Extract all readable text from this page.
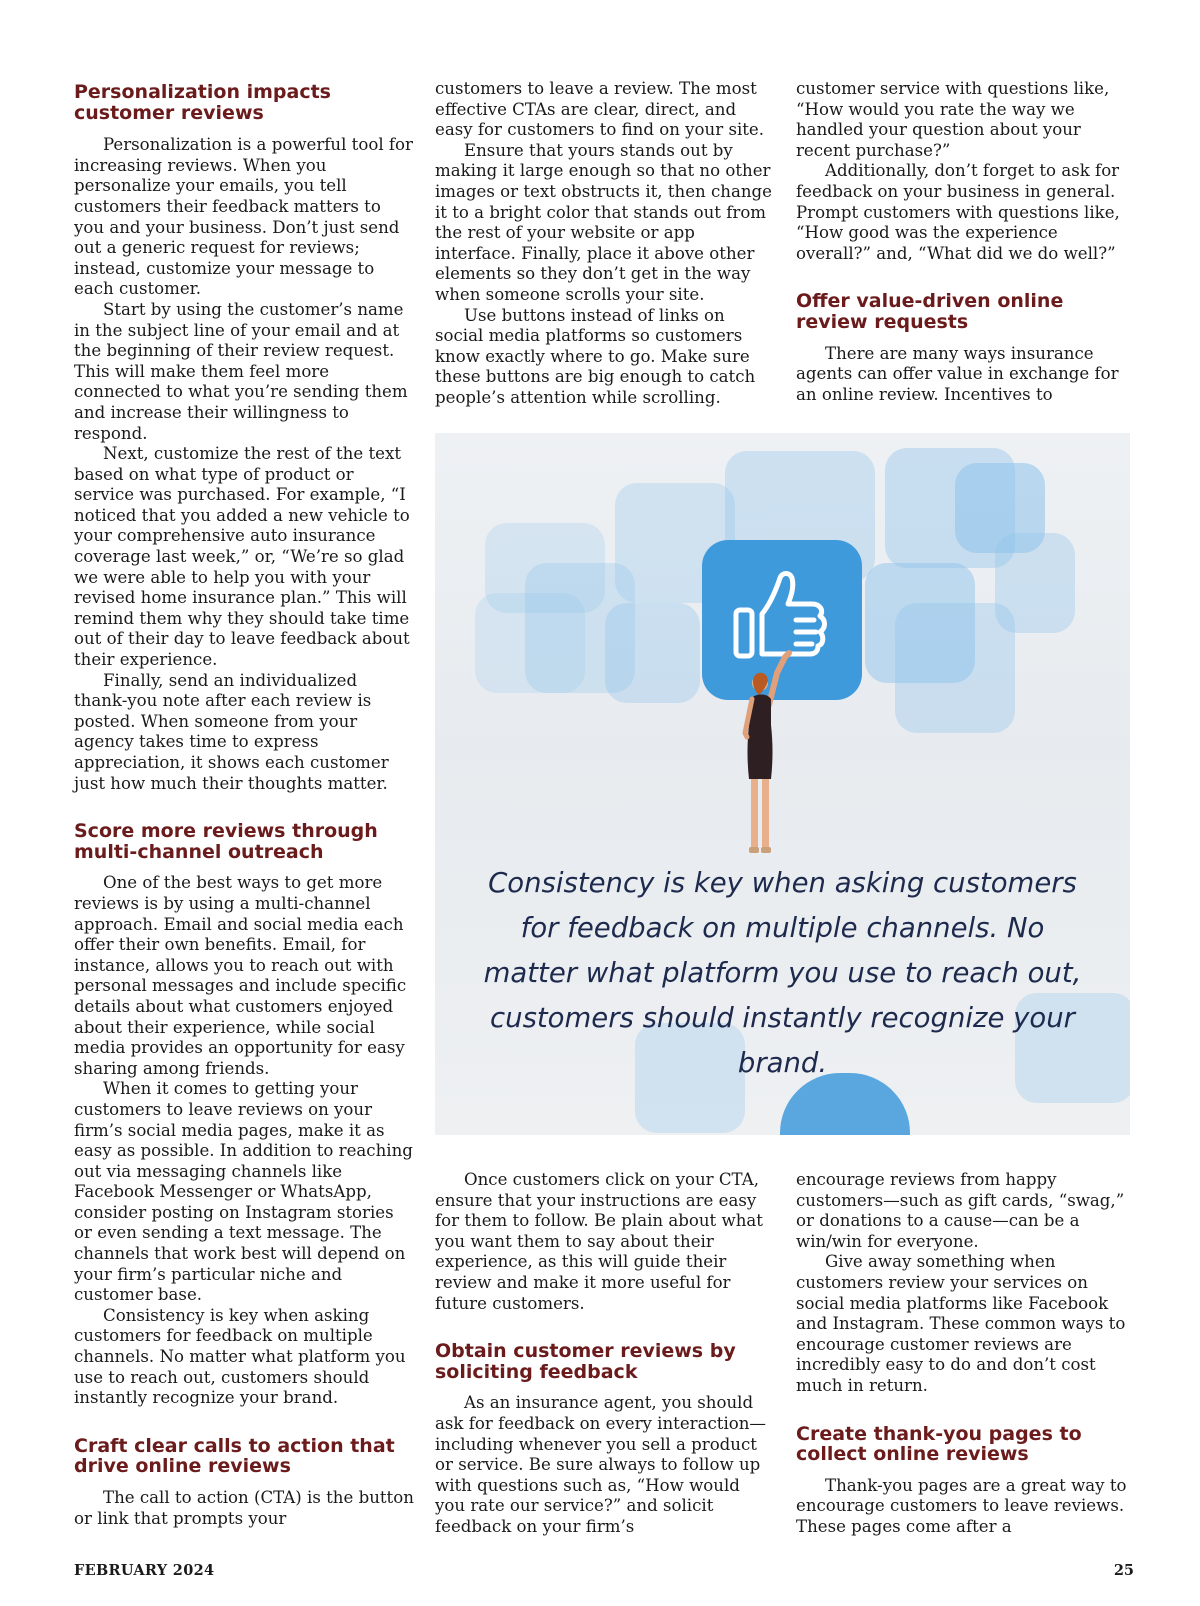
Personalization impacts customer reviews

Personalization is a powerful tool for increasing reviews. When you personalize your emails, you tell customers their feedback matters to you and your business. Don’t just send out a generic request for reviews; instead, customize your message to each customer.

Start by using the customer’s name in the subject line of your email and at the beginning of their review request. This will make them feel more connected to what you’re sending them and increase their willingness to respond.

Next, customize the rest of the text based on what type of product or service was purchased. For example, “I noticed that you added a new vehicle to your comprehensive auto insurance coverage last week,” or, “We’re so glad we were able to help you with your revised home insurance plan.” This will remind them why they should take time out of their day to leave feedback about their experience.

Finally, send an individualized thank-you note after each review is posted. When someone from your agency takes time to express appreciation, it shows each customer just how much their thoughts matter.

Score more reviews through multi-channel outreach

One of the best ways to get more reviews is by using a multi-channel approach. Email and social media each offer their own benefits. Email, for instance, allows you to reach out with personal messages and include specific details about what customers enjoyed about their experience, while social media provides an opportunity for easy sharing among friends.

When it comes to getting your customers to leave reviews on your firm’s social media pages, make it as easy as possible. In addition to reaching out via messaging channels like Facebook Messenger or WhatsApp, consider posting on Instagram stories or even sending a text message. The channels that work best will depend on your firm’s particular niche and customer base.

Consistency is key when asking customers for feedback on multiple channels. No matter what platform you use to reach out, customers should instantly recognize your brand.

Craft clear calls to action that drive online reviews

The call to action (CTA) is the button or link that prompts your

customers to leave a review. The most effective CTAs are clear, direct, and easy for customers to find on your site.

Ensure that yours stands out by making it large enough so that no other images or text obstructs it, then change it to a bright color that stands out from the rest of your website or app interface. Finally, place it above other elements so they don’t get in the way when someone scrolls your site.

Use buttons instead of links on social media platforms so customers know exactly where to go. Make sure these buttons are big enough to catch people’s attention while scrolling.

customer service with questions like, “How would you rate the way we handled your question about your recent purchase?”

Additionally, don’t forget to ask for feedback on your business in general. Prompt customers with questions like, “How good was the experience overall?” and, “What did we do well?”

Offer value-driven online review requests

There are many ways insurance agents can offer value in exchange for an online review. Incentives to

Consistency is key when asking customers for feedback on multiple channels. No matter what platform you use to reach out, customers should instantly recognize your brand.

Once customers click on your CTA, ensure that your instructions are easy for them to follow. Be plain about what you want them to say about their experience, as this will guide their review and make it more useful for future customers.

Obtain customer reviews by soliciting feedback

As an insurance agent, you should ask for feedback on every interaction—including whenever you sell a product or service. Be sure always to follow up with questions such as, “How would you rate our service?” and solicit feedback on your firm’s

encourage reviews from happy customers—such as gift cards, “swag,” or donations to a cause—can be a win/win for everyone.

Give away something when customers review your services on social media platforms like Facebook and Instagram. These common ways to encourage customer reviews are incredibly easy to do and don’t cost much in return.

Create thank-you pages to collect online reviews

Thank-you pages are a great way to encourage customers to leave reviews. These pages come after a

FEBRUARY 2024	25
